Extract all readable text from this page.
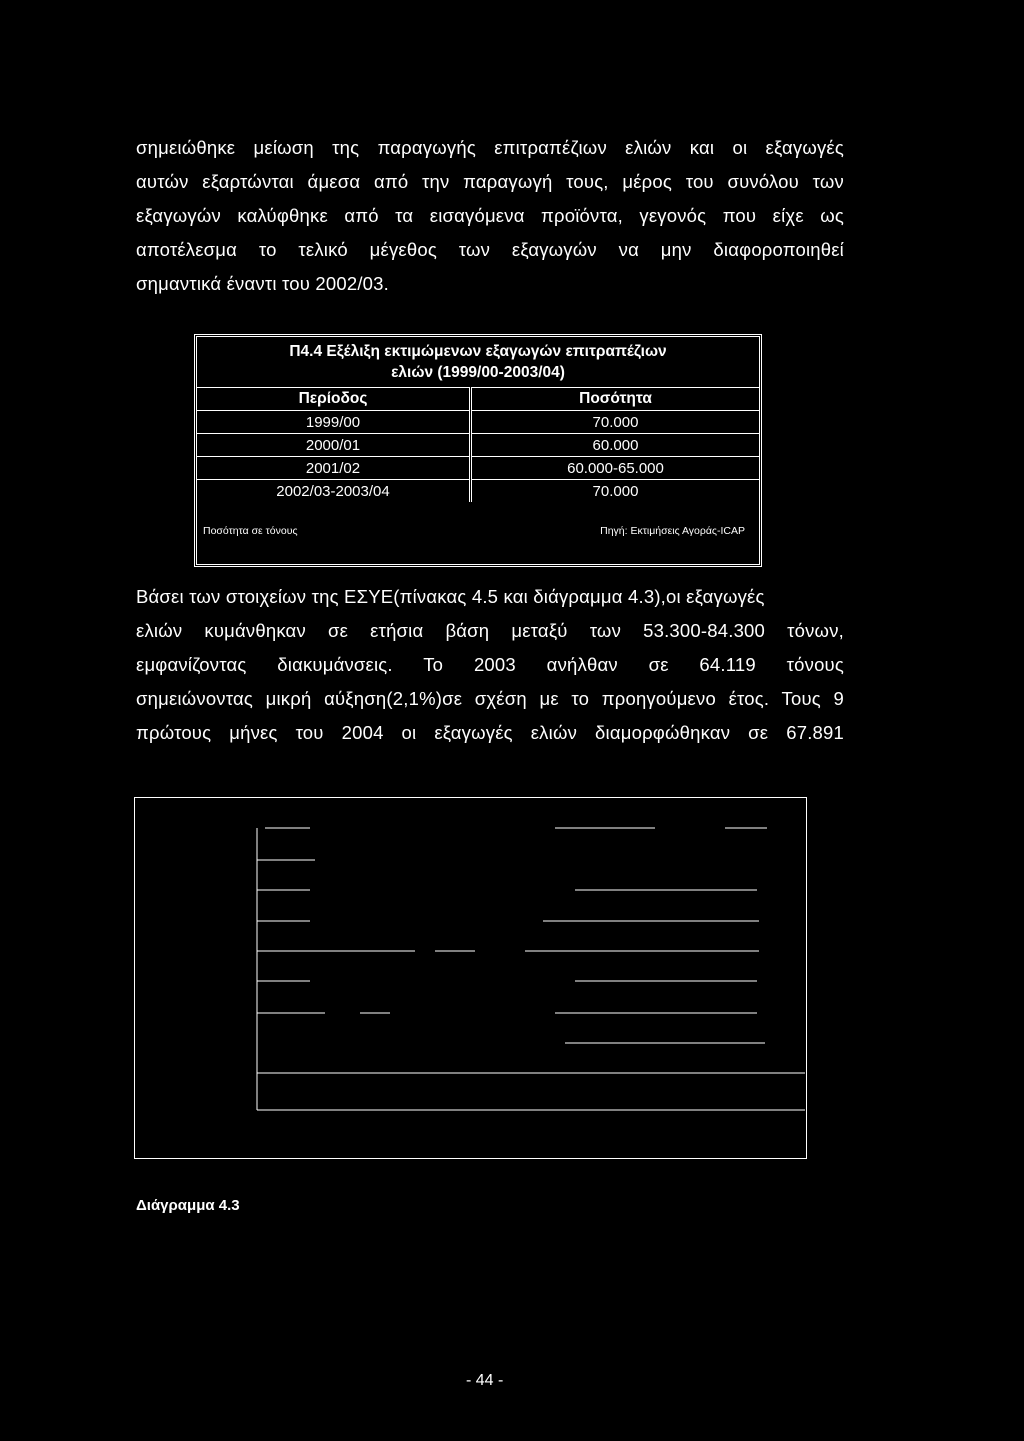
σημειώθηκε μείωση της παραγωγής επιτραπέζιων ελιών και οι εξαγωγές
αυτών εξαρτώνται άμεσα από την παραγωγή τους, μέρος του συνόλου των
εξαγωγών καλύφθηκε από τα εισαγόμενα προϊόντα, γεγονός που είχε ως
αποτέλεσμα το τελικό μέγεθος των εξαγωγών να μην διαφοροποιηθεί
σημαντικά έναντι του 2002/03.
Π4.4 Εξέλιξη εκτιμώμενων εξαγωγών επιτραπέζιων
ελιών (1999/00-2003/04)
Περίοδος	Ποσότητα
1999/00	70.000
2000/01	60.000
2001/02	60.000-65.000
2002/03-2003/04	70.000
Ποσότητα σε τόνους	Πηγή: Εκτιμήσεις Αγοράς-ICAP
Βάσει των στοιχείων της ΕΣΥΕ(πίνακας 4.5 και διάγραμμα 4.3),οι εξαγωγές
ελιών κυμάνθηκαν σε ετήσια βάση μεταξύ των 53.300-84.300 τόνων,
εμφανίζοντας διακυμάνσεις. Το 2003 ανήλθαν σε 64.119 τόνους
σημειώνοντας μικρή αύξηση(2,1%)σε σχέση με το προηγούμενο έτος. Τους 9
πρώτους μήνες του 2004 οι εξαγωγές ελιών διαμορφώθηκαν σε 67.891
Διάγραμμα 4.3
- 44 -
